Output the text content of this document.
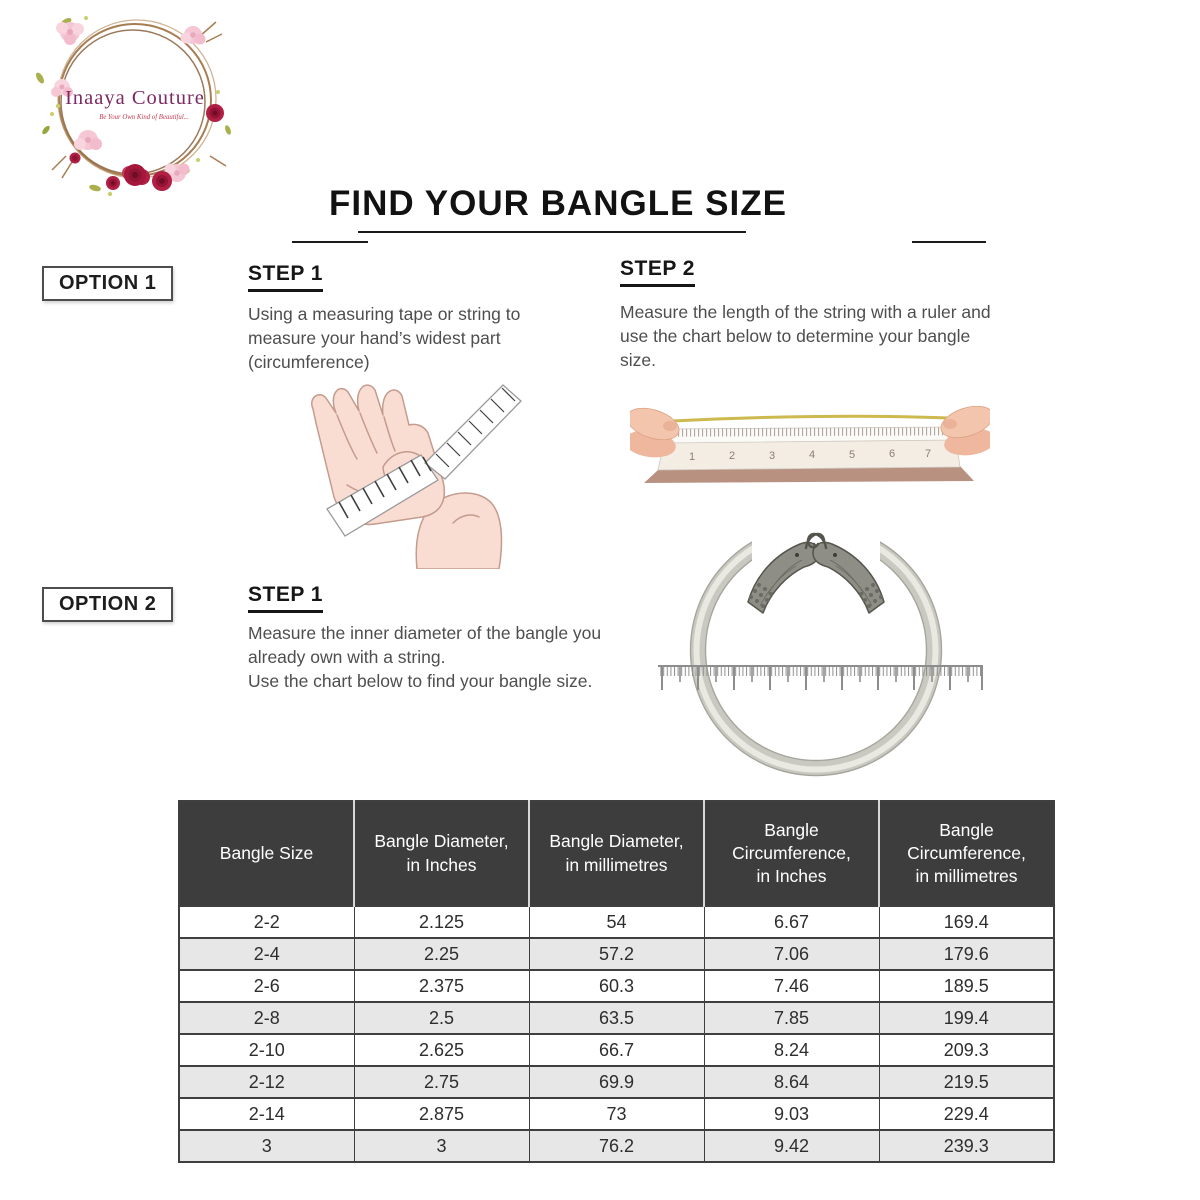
Inaaya Couture
Be Your Own Kind of Beautiful...
FIND YOUR BANGLE SIZE
OPTION 1	STEP 1
Using a measuring tape or string to measure your hand’s widest part (circumference)
STEP 2
Measure the length of the string with a ruler and use the chart below to determine your bangle size.
1	2	3	4	5	6	7
OPTION 2	STEP 1
Measure the inner diameter of the bangle you already own with a string.
Use the chart below to find your bangle size.
Bangle Size	Bangle Diameter, in Inches	Bangle Diameter, in millimetres	Bangle Circumference, in Inches	Bangle Circumference, in millimetres
2-2	2.125	54	6.67	169.4
2-4	2.25	57.2	7.06	179.6
2-6	2.375	60.3	7.46	189.5
2-8	2.5	63.5	7.85	199.4
2-10	2.625	66.7	8.24	209.3
2-12	2.75	69.9	8.64	219.5
2-14	2.875	73	9.03	229.4
3	3	76.2	9.42	239.3
